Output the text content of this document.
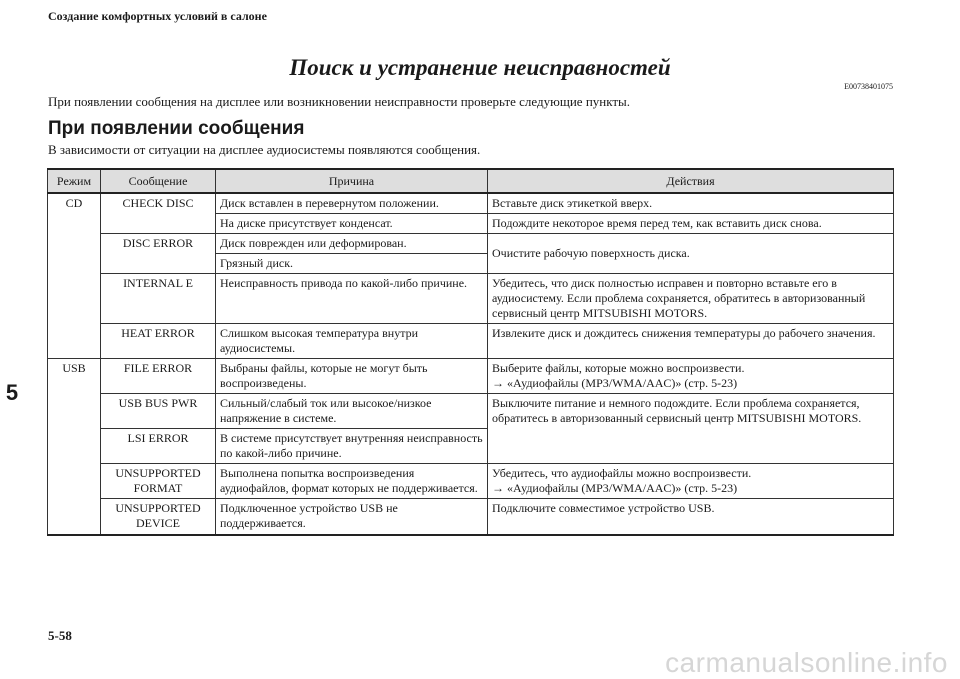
Создание комфортных условий в салоне
Поиск и устранение неисправностей
E00738401075
При появлении сообщения на дисплее или возникновении неисправности проверьте следующие пункты.
При появлении сообщения
В зависимости от ситуации на дисплее аудиосистемы появляются сообщения.
5
Режим	Сообщение	Причина	Действия
CD	CHECK DISC	Диск вставлен в перевернутом положении.	Вставьте диск этикеткой вверх.
		На диске присутствует конденсат.	Подождите некоторое время перед тем, как вставить диск снова.
	DISC ERROR	Диск поврежден или деформирован.	Очистите рабочую поверхность диска.
		Грязный диск.	
	INTERNAL E	Неисправность привода по какой-либо причине.	Убедитесь, что диск полностью исправен и повторно вставьте его в аудиосистему. Если проблема сохраняется, обратитесь в авторизованный сервисный центр MITSUBISHI MOTORS.
	HEAT ERROR	Слишком высокая температура внутри аудиосистемы.	Извлеките диск и дождитесь снижения температуры до рабочего значения.
USB	FILE ERROR	Выбраны файлы, которые не могут быть воспроизведены.	Выберите файлы, которые можно воспроизвести.
→ «Аудиофайлы (MP3/WMA/AAC)» (стр. 5-23)

	USB BUS PWR	Сильный/слабый ток или высокое/низкое напряжение в системе.	Выключите питание и немного подождите. Если проблема сохраняется, обратитесь в авторизованный сервисный центр MITSUBISHI MOTORS.
	LSI ERROR	В системе присутствует внутренняя неисправность по какой-либо причине.	
	UNSUPPORTED FORMAT	Выполнена попытка воспроизведения аудиофайлов, формат которых не поддерживается.	Убедитесь, что аудиофайлы можно воспроизвести.
→ «Аудиофайлы (MP3/WMA/AAC)» (стр. 5-23)

	UNSUPPORTED DEVICE	Подключенное устройство USB не поддерживается.	Подключите совместимое устройство USB.
5-58
carmanualsonline.info
